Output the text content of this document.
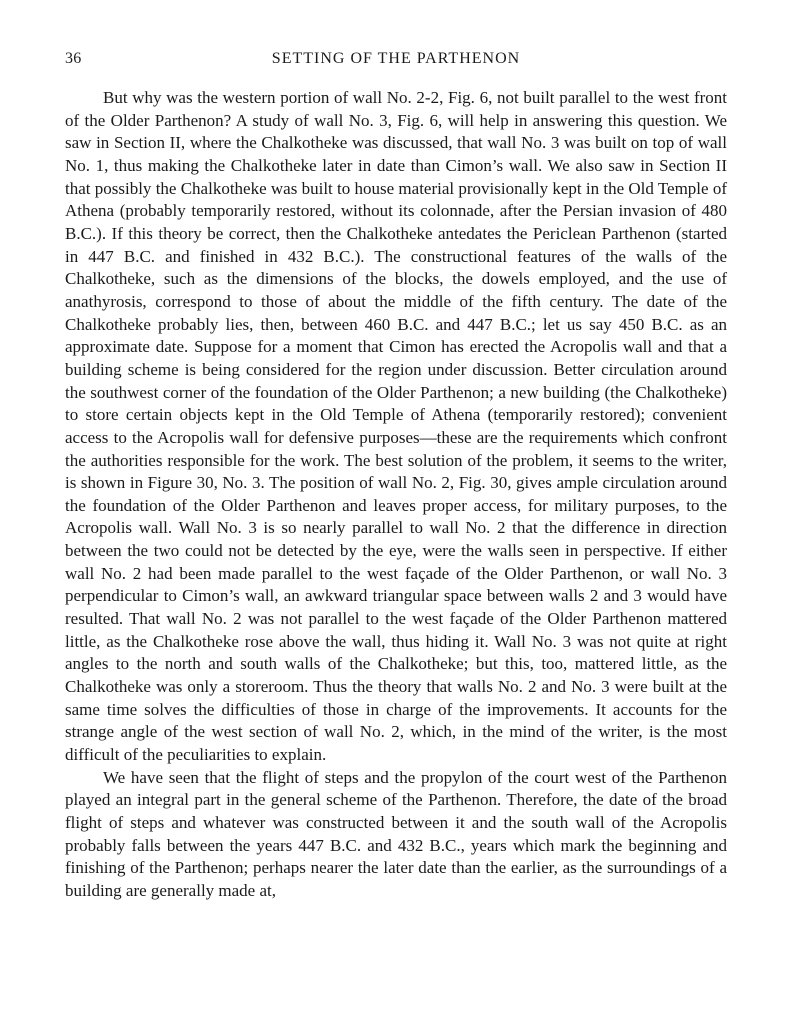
36	SETTING OF THE PARTHENON

But why was the western portion of wall No. 2-2, Fig. 6, not built parallel to the west front of the Older Parthenon? A study of wall No. 3, Fig. 6, will help in answering this question. We saw in Section II, where the Chalkotheke was discussed, that wall No. 3 was built on top of wall No. 1, thus making the Chalkotheke later in date than Cimon’s wall. We also saw in Section II that possibly the Chalkotheke was built to house material provisionally kept in the Old Temple of Athena (probably temporarily restored, without its colonnade, after the Persian invasion of 480 B.C.). If this theory be correct, then the Chalkotheke antedates the Periclean Parthenon (started in 447 B.C. and finished in 432 B.C.). The constructional features of the walls of the Chalkotheke, such as the dimensions of the blocks, the dowels employed, and the use of anathyrosis, correspond to those of about the middle of the fifth century. The date of the Chalkotheke probably lies, then, between 460 B.C. and 447 B.C.; let us say 450 B.C. as an approximate date. Suppose for a moment that Cimon has erected the Acropolis wall and that a building scheme is being considered for the region under discussion. Better circulation around the southwest corner of the foundation of the Older Parthenon; a new building (the Chalkotheke) to store certain objects kept in the Old Temple of Athena (temporarily restored); convenient access to the Acropolis wall for defensive purposes—these are the requirements which confront the authorities responsible for the work. The best solution of the problem, it seems to the writer, is shown in Figure 30, No. 3. The position of wall No. 2, Fig. 30, gives ample circulation around the foundation of the Older Parthenon and leaves proper access, for military purposes, to the Acropolis wall. Wall No. 3 is so nearly parallel to wall No. 2 that the difference in direction between the two could not be detected by the eye, were the walls seen in perspective. If either wall No. 2 had been made parallel to the west façade of the Older Parthenon, or wall No. 3 perpendicular to Cimon’s wall, an awkward triangular space between walls 2 and 3 would have resulted. That wall No. 2 was not parallel to the west façade of the Older Parthenon mattered little, as the Chalkotheke rose above the wall, thus hiding it. Wall No. 3 was not quite at right angles to the north and south walls of the Chalkotheke; but this, too, mattered little, as the Chalkotheke was only a storeroom. Thus the theory that walls No. 2 and No. 3 were built at the same time solves the difficulties of those in charge of the improvements. It accounts for the strange angle of the west section of wall No. 2, which, in the mind of the writer, is the most difficult of the peculiarities to explain.

We have seen that the flight of steps and the propylon of the court west of the Parthenon played an integral part in the general scheme of the Parthenon. Therefore, the date of the broad flight of steps and whatever was constructed between it and the south wall of the Acropolis probably falls between the years 447 B.C. and 432 B.C., years which mark the beginning and finishing of the Parthenon; perhaps nearer the later date than the earlier, as the surroundings of a building are generally made at,
